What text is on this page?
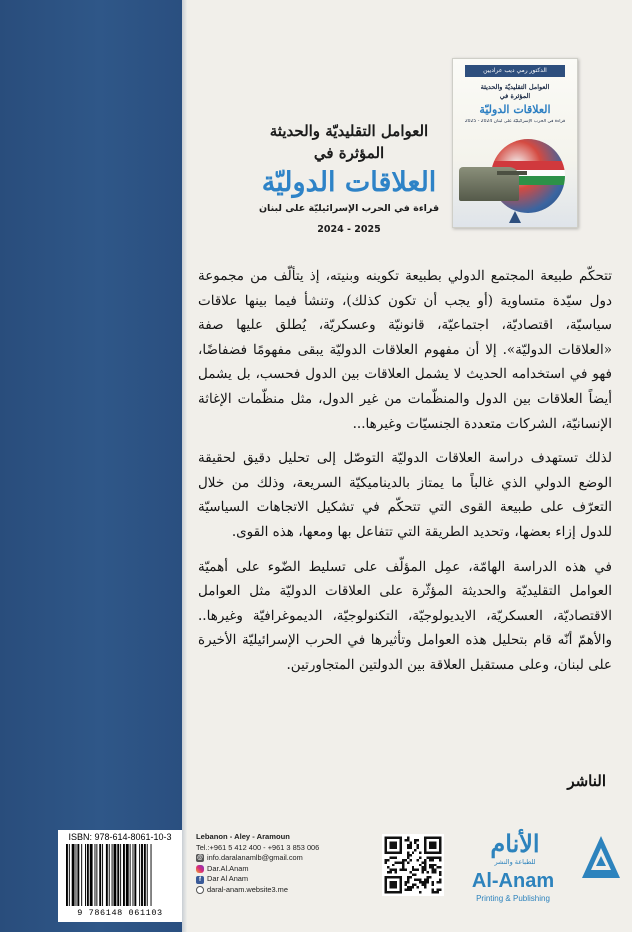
الدكتور رمي ديب عراديين
العوامل التقليديّة والحديثة
المؤثرة في
العلاقات الدوليّة
قراءة في الحرب الإسرائيليّة على لبنان 2024 - 2025
العوامل التقليديّة والحديثة
المؤثرة في
العلاقات الدوليّة
قراءة في الحرب الإسرائيليّة على لبنان
2024 - 2025

تتحكّم طبيعة المجتمع الدولي بطبيعة تكوينه وبنيته، إذ يتألّف من مجموعة دول سيّدة متساوية (أو يجب أن تكون كذلك)، وتنشأ فيما بينها علاقات سياسيّة، اقتصاديّة، اجتماعيّة، قانونيّة وعسكريّة، يُطلق عليها صفة «العلاقات الدوليّة». إلا أن مفهوم العلاقات الدوليّة يبقى مفهومًا فضفاضًا، فهو في استخدامه الحديث لا يشمل العلاقات بين الدول فحسب، بل يشمل أيضاً العلاقات بين الدول والمنظّمات من غير الدول، مثل منظّمات الإغاثة الإنسانيّة، الشركات متعددة الجنسيّات وغيرها...

لذلك تستهدف دراسة العلاقات الدوليّة التوصّل إلى تحليل دقيق لحقيقة الوضع الدولي الذي غالباً ما يمتاز بالديناميكيّة السريعة، وذلك من خلال التعرّف على طبيعة القوى التي تتحكّم في تشكيل الاتجاهات السياسيّة للدول إزاء بعضها، وتحديد الطريقة التي تتفاعل بها ومعها، هذه القوى.

في هذه الدراسة الهامّة، عمِل المؤلّف على تسليط الضّوء على أهميّة العوامل التقليديّة والحديثة المؤثّرة على العلاقات الدوليّة مثل العوامل الاقتصاديّة، العسكريّة، الايديولوجيّة، التكنولوجيّة، الديموغرافيّة وغيرها.. والأهمّ أنّه قام بتحليل هذه العوامل وتأثيرها في الحرب الإسرائيليّة الأخيرة على لبنان، وعلى مستقبل العلاقة بين الدولتين المتجاورتين.

الناشر
ISBN: 978-614-8061-10-3
9 786148 061103
Lebanon - Aley - Aramoun
Tel.:+961 5 412 400 - +961 3 853 006
@ info.daralanamlb@gmail.com
Dar.Al.Anam
f Dar Al Anam
daral-anam.website3.me
الأنام
للطباعة والنشر
Al-Anam
Printing & Publishing
